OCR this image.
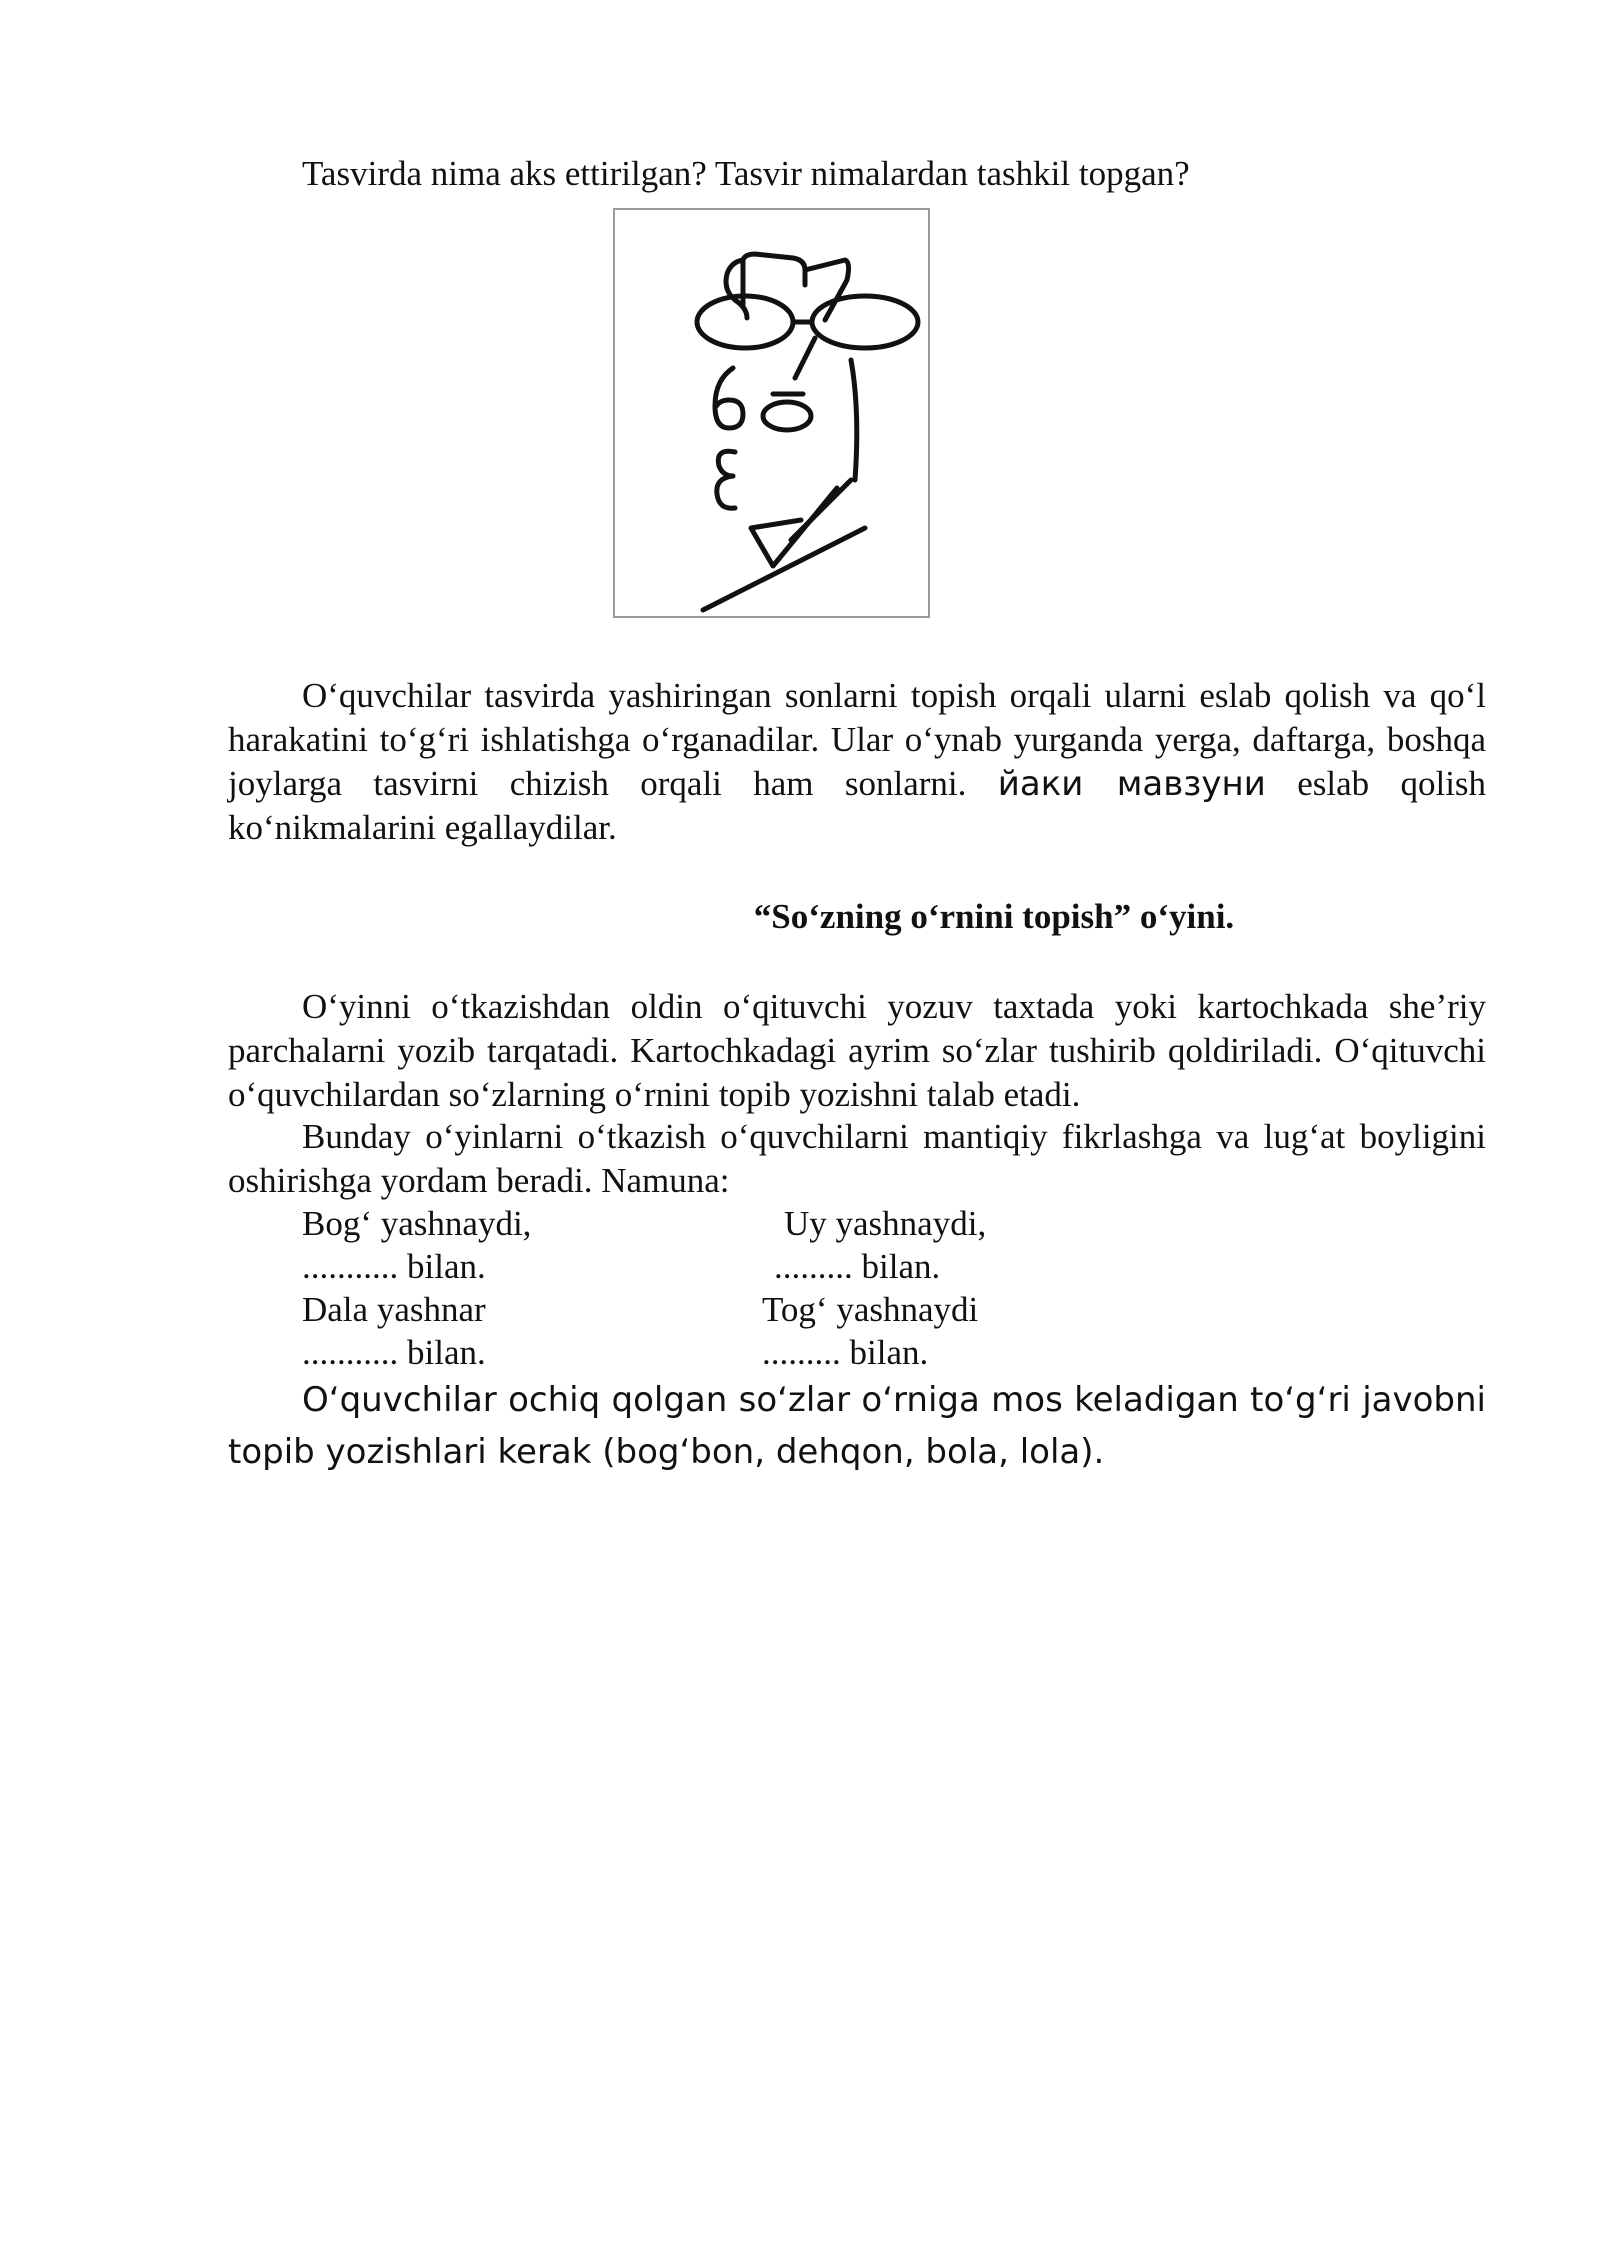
Tasvirda nima aks ettirilgan? Tasvir nimalardan tashkil topgan?

O‘quvchilar tasvirda yashiringan sonlarni topish orqali ularni eslab qolish va qo‘l harakatini to‘g‘ri ishlatishga o‘rganadilar. Ular o‘ynab yurganda yerga, daftarga, boshqa joylarga tasvirni chizish orqali ham sonlarni. йаки мавзуни eslab qolish ko‘nikmalarini egallaydilar.

“So‘zning o‘rnini topish” o‘yini.

O‘yinni o‘tkazishdan oldin o‘qituvchi yozuv taxtada yoki kartochkada she’riy parchalarni yozib tarqatadi. Kartochkadagi ayrim so‘zlar tushirib qoldiriladi. O‘qituvchi o‘quvchilardan so‘zlarning o‘rnini topib yozishni talab etadi.

Bunday o‘yinlarni o‘tkazish o‘quvchilarni mantiqiy fikrlashga va lug‘at boyligini oshirishga yordam beradi. Namuna:

Bog‘ yashnaydi,
........... bilan.
Dala yashnar
........... bilan.
Uy yashnaydi,
......... bilan.
Tog‘ yashnaydi
......... bilan.

O‘quvchilar ochiq qolgan so‘zlar o‘rniga mos keladigan to‘g‘ri javobni topib yozishlari kerak (bog‘bon, dehqon, bola, lola).
